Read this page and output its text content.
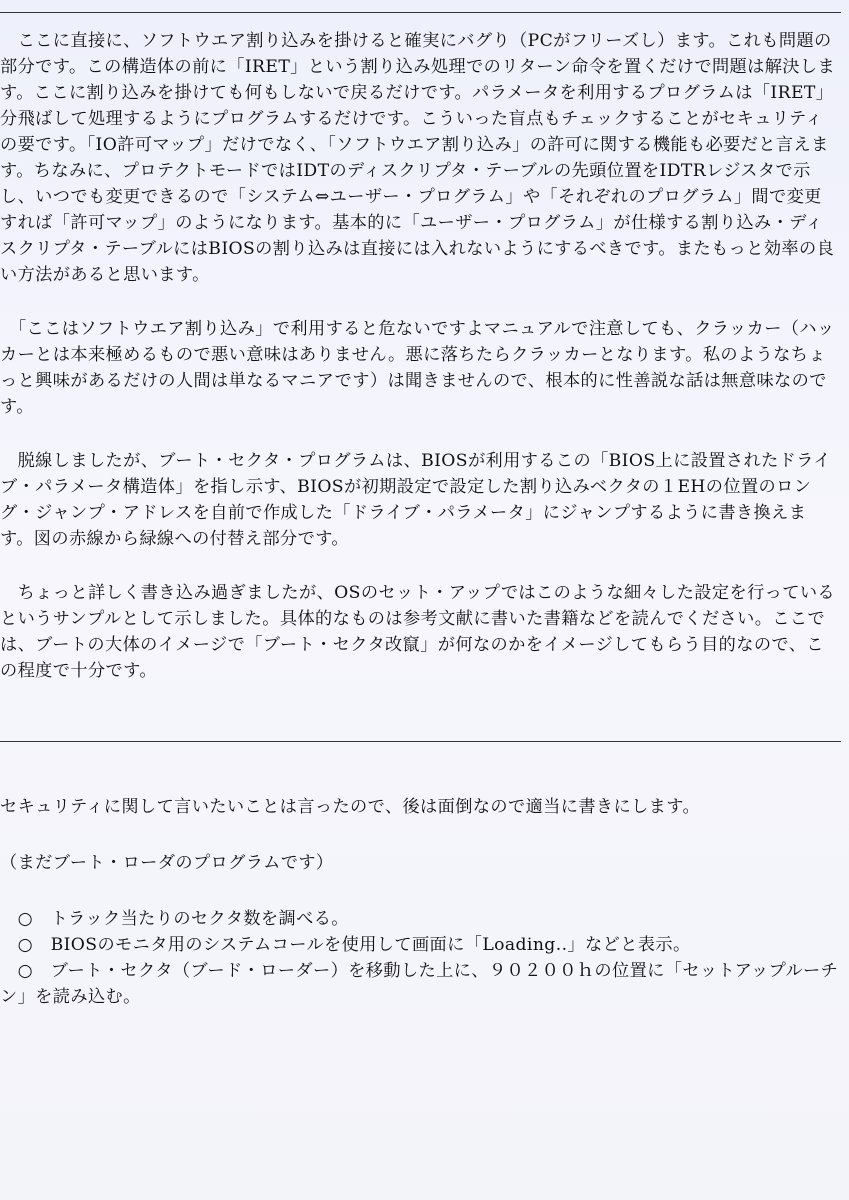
　ここに直接に、ソフトウエア割り込みを掛けると確実にバグり（PCがフリーズし）ます。これも問題の部分です。この構造体の前に「IRET」という割り込み処理でのリターン命令を置くだけで問題は解決します。ここに割り込みを掛けても何もしないで戻るだけです。パラメータを利用するプログラムは「IRET」分飛ばして処理するようにプログラムするだけです。こういった盲点もチェックすることがセキュリティの要です。「IO許可マップ」だけでなく、「ソフトウエア割り込み」の許可に関する機能も必要だと言えます。ちなみに、プロテクトモードではIDTのディスクリプタ・テーブルの先頭位置をIDTRレジスタで示し、いつでも変更できるので「システム⇔ユーザー・プログラム」や「それぞれのプログラム」間で変更すれば「許可マップ」のようになります。基本的に「ユーザー・プログラム」が仕様する割り込み・ディスクリプタ・テーブルにはBIOSの割り込みは直接には入れないようにするべきです。またもっと効率の良い方法があると思います。

　「ここはソフトウエア割り込み」で利用すると危ないですよマニュアルで注意しても、クラッカー（ハッカーとは本来極めるもので悪い意味はありません。悪に落ちたらクラッカーとなります。私のようなちょっと興味があるだけの人間は単なるマニアです）は聞きませんので、根本的に性善説な話は無意味なのです。

　脱線しましたが、ブート・セクタ・プログラムは、BIOSが利用するこの「BIOS上に設置されたドライブ・パラメータ構造体」を指し示す、BIOSが初期設定で設定した割り込みベクタの１EHの位置のロング・ジャンプ・アドレスを自前で作成した「ドライブ・パラメータ」にジャンプするように書き換えます。図の赤線から緑線への付替え部分です。

　ちょっと詳しく書き込み過ぎましたが、OSのセット・アップではこのような細々した設定を行っているというサンプルとして示しました。具体的なものは参考文献に書いた書籍などを読んでください。ここでは、ブートの大体のイメージで「ブート・セクタ改竄」が何なのかをイメージしてもらう目的なので、この程度で十分です。

セキュリティに関して言いたいことは言ったので、後は面倒なので適当に書きにします。

（まだブート・ローダのプログラムです）

　○　トラック当たりのセクタ数を調べる。

　○　BIOSのモニタ用のシステムコールを使用して画面に「Loading..」などと表示。

　○　ブート・セクタ（ブード・ローダー）を移動した上に、９０２００ｈの位置に「セットアップルーチン」を読み込む。
